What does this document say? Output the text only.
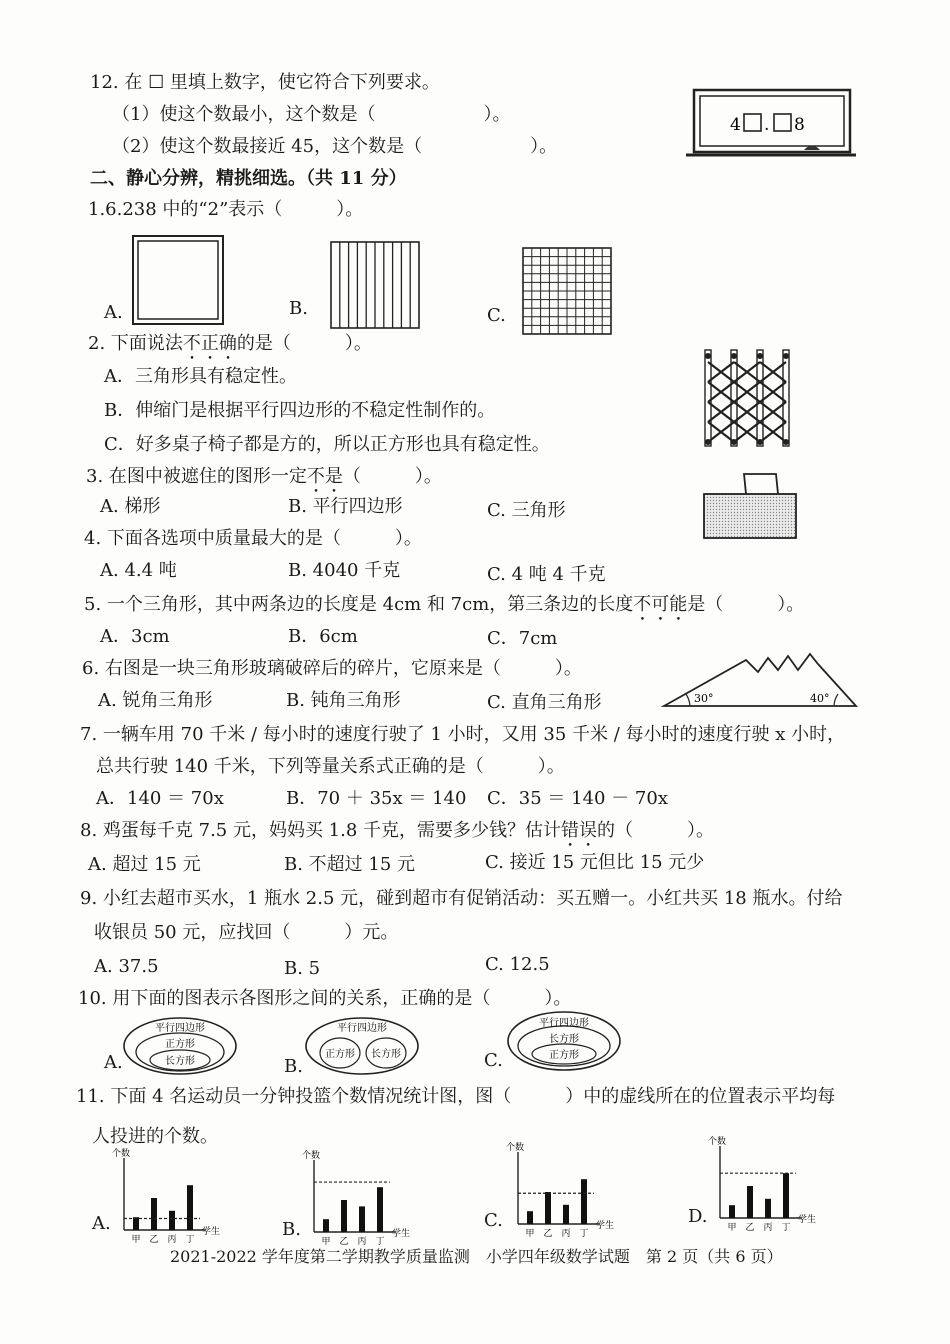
12. 在 ☐ 里填上数字，使它符合下列要求。
（1）使这个数最小，这个数是（　　　　　　）。
（2）使这个数最接近 45，这个数是（　　　　　　）。
4 . 8
二、静心分辨，精挑细选。（共 11 分）
1.6.238 中的“2”表示（　　　）。
A.	B.	C.
2. 下面说法不正确的是（　　　）。
A．三角形具有稳定性。
B．伸缩门是根据平行四边形的不稳定性制作的。
C．好多桌子椅子都是方的，所以正方形也具有稳定性。
3. 在图中被遮住的图形一定不是（　　　）。
A. 梯形	B. 平行四边形	C. 三角形
4. 下面各选项中质量最大的是（　　　）。
A. 4.4 吨	B. 4040 千克	C. 4 吨 4 千克
5. 一个三角形，其中两条边的长度是 4cm 和 7cm，第三条边的长度不可能是（　　　）。
A．3cm	B．6cm	C．7cm
6. 右图是一块三角形玻璃破碎后的碎片，它原来是（　　　）。
A. 锐角三角形	B. 钝角三角形	C. 直角三角形	30°	40°
7. 一辆车用 70 千米 / 每小时的速度行驶了 1 小时，又用 35 千米 / 每小时的速度行驶 x 小时，
总共行驶 140 千米，下列等量关系式正确的是（　　　）。
A．140 ＝ 70x	B．70 ＋ 35x ＝ 140 C．35 ＝ 140 － 70x
8. 鸡蛋每千克 7.5 元，妈妈买 1.8 千克，需要多少钱？估计错误的（　　　）。
A. 超过 15 元	B. 不超过 15 元	C. 接近 15 元但比 15 元少
9. 小红去超市买水，1 瓶水 2.5 元，碰到超市有促销活动：买五赠一。小红共买 18 瓶水。付给
收银员 50 元，应找回（　　　）元。
A. 37.5	B. 5	C. 12.5
10. 用下面的图表示各图形之间的关系，正确的是（　　　）。
A.
平行四边形
正方形
长方形	B.
平行四边形
正方形 长方形	C.
平行四边形
长方形
正方形
11. 下面 4 名运动员一分钟投篮个数情况统计图，图（　　　）中的虚线所在的位置表示平均每
人投进的个数。
A.
个数
学生
甲 乙 丙 丁	B.
个数
学生
甲 乙 丙 丁
C.
个数
学生
甲 乙 丙 丁
D.
个数
学生
甲 乙 丙 丁
2021-2022 学年度第二学期教学质量监测　小学四年级数学试题　第 2 页（共 6 页）
